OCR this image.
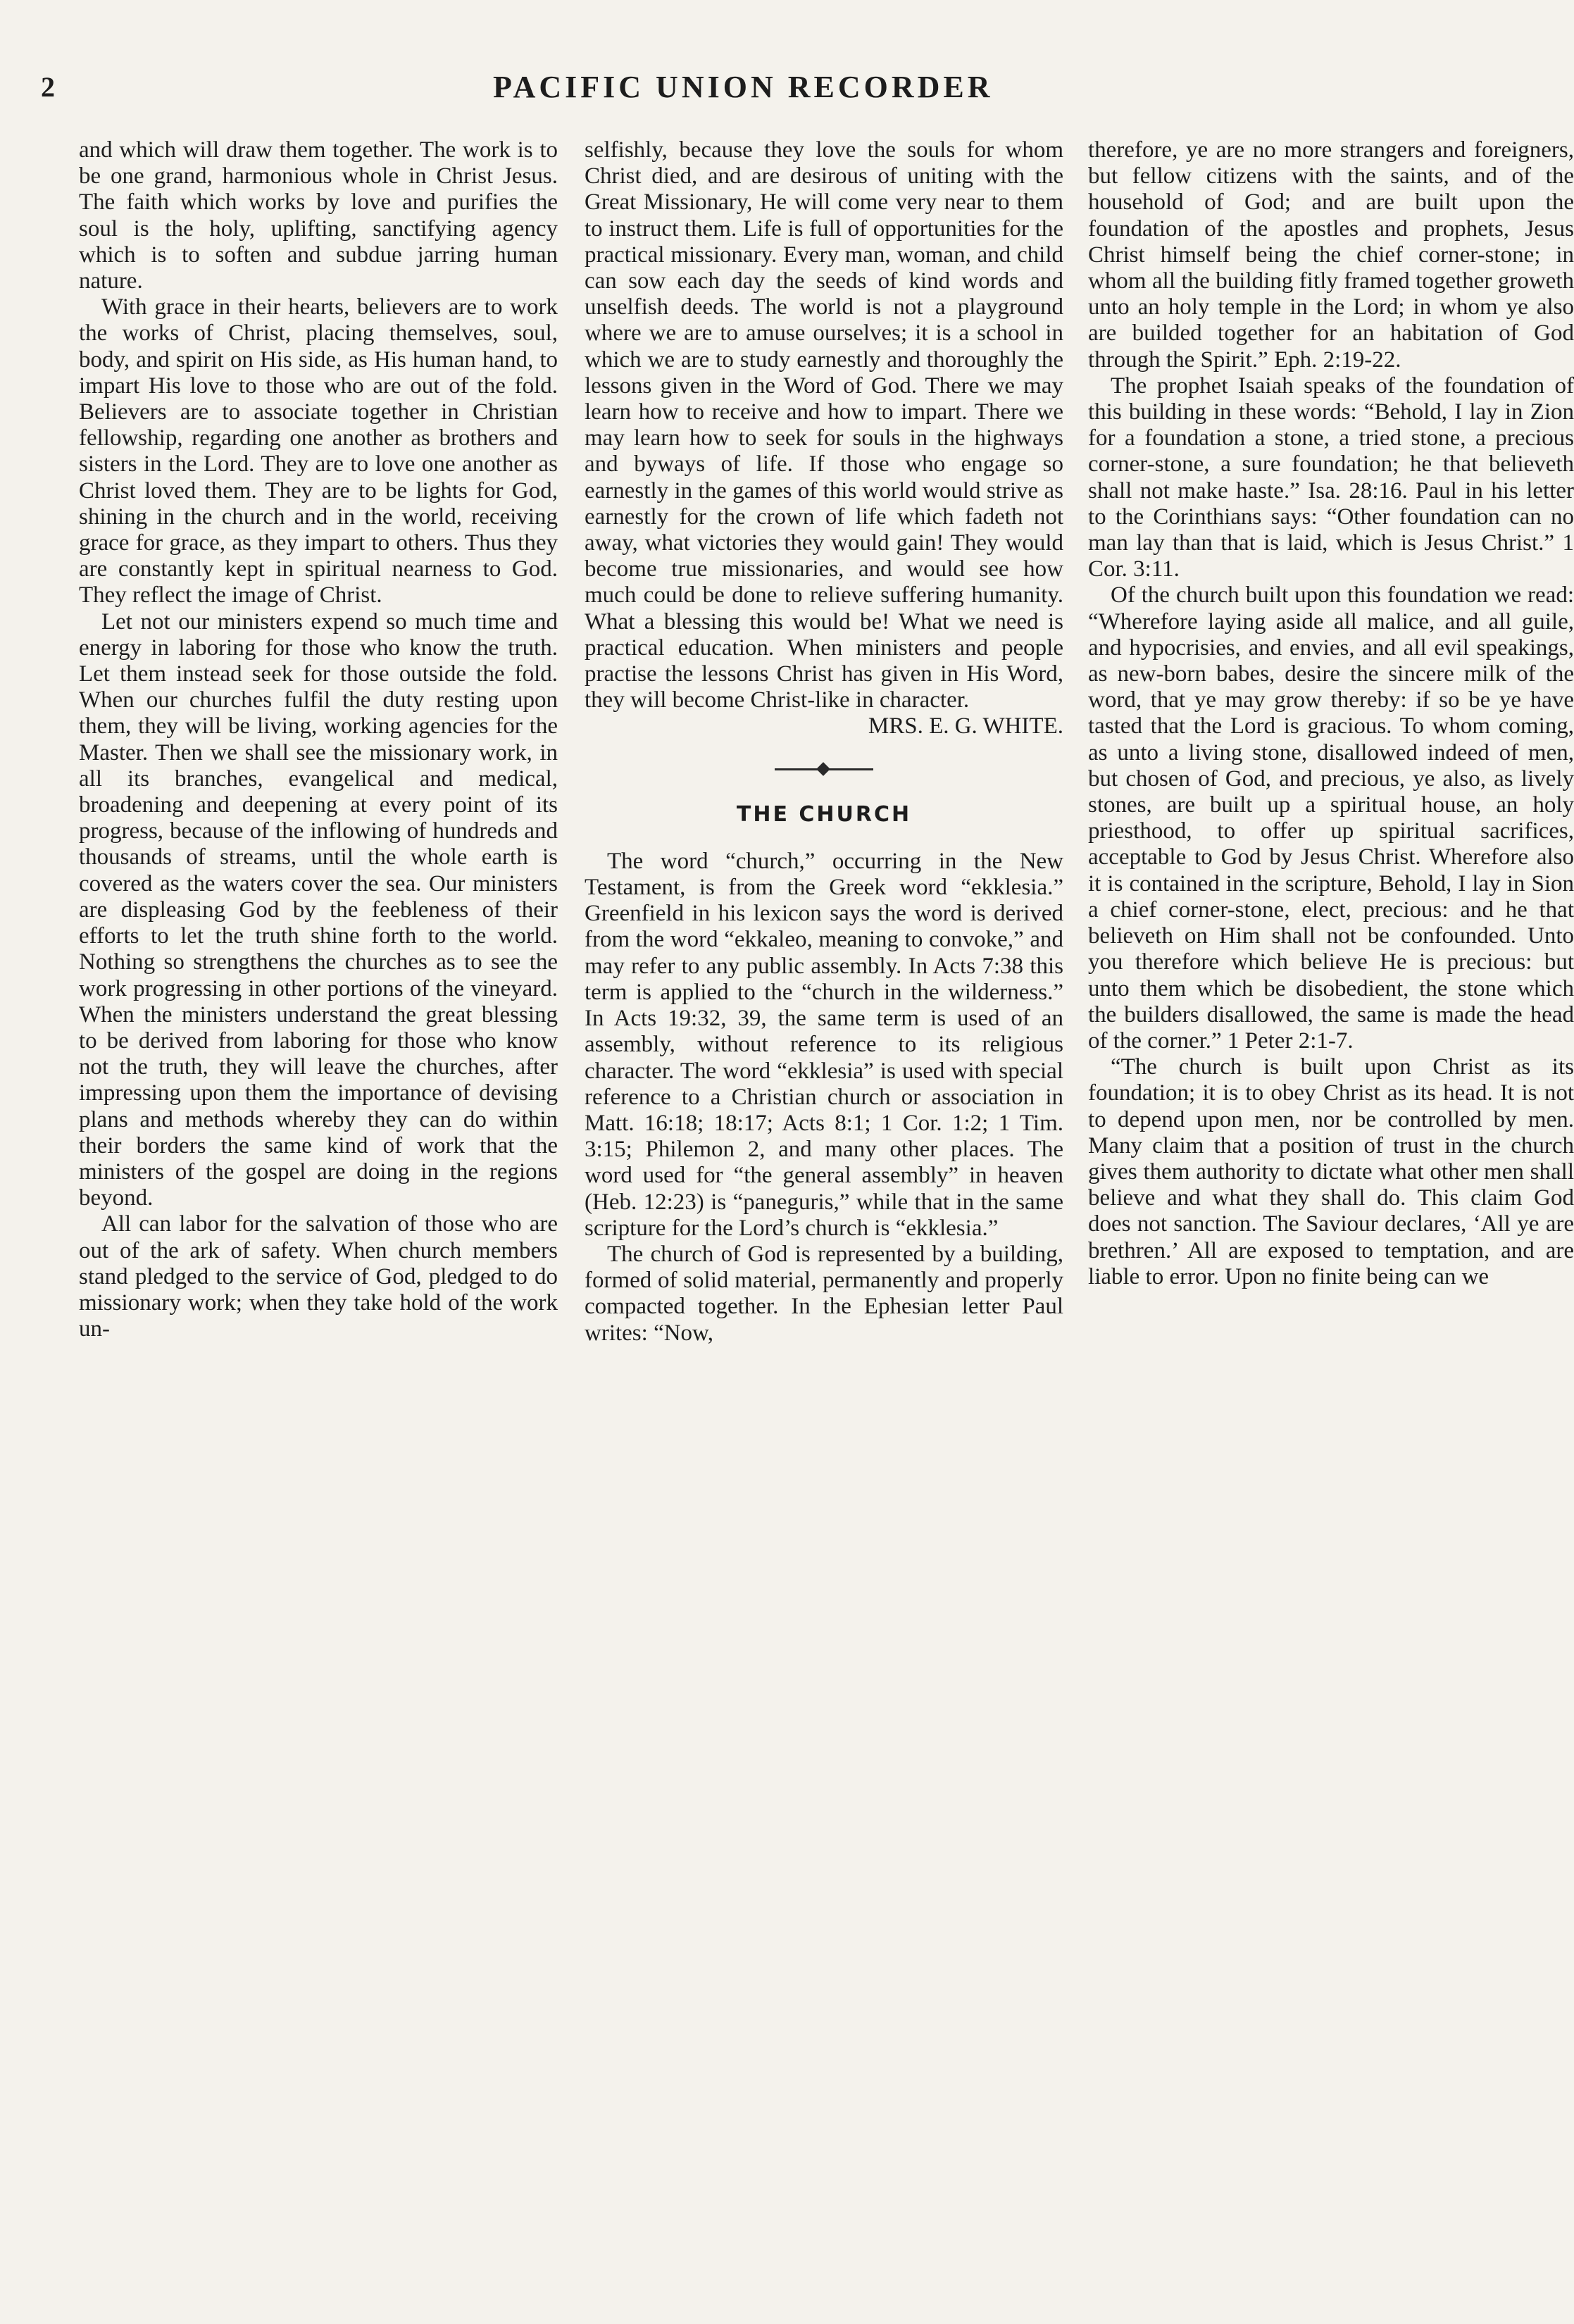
2	PACIFIC UNION RECORDER

and which will draw them together. The work is to be one grand, harmonious whole in Christ Jesus. The faith which works by love and purifies the soul is the holy, uplifting, sanctifying agency which is to soften and subdue jarring human nature.

With grace in their hearts, believers are to work the works of Christ, placing themselves, soul, body, and spirit on His side, as His human hand, to impart His love to those who are out of the fold. Believers are to associate together in Christian fellowship, regarding one another as brothers and sisters in the Lord. They are to love one another as Christ loved them. They are to be lights for God, shining in the church and in the world, receiving grace for grace, as they impart to others. Thus they are constantly kept in spiritual nearness to God. They reflect the image of Christ.

Let not our ministers expend so much time and energy in laboring for those who know the truth. Let them instead seek for those outside the fold. When our churches fulfil the duty resting upon them, they will be living, working agencies for the Master. Then we shall see the missionary work, in all its branches, evangelical and medical, broadening and deepening at every point of its progress, because of the inflowing of hundreds and thousands of streams, until the whole earth is covered as the waters cover the sea. Our ministers are displeasing God by the feebleness of their efforts to let the truth shine forth to the world. Nothing so strengthens the churches as to see the work progressing in other portions of the vineyard. When the ministers understand the great blessing to be derived from laboring for those who know not the truth, they will leave the churches, after impressing upon them the importance of devising plans and methods whereby they can do within their borders the same kind of work that the ministers of the gospel are doing in the regions beyond.

All can labor for the salvation of those who are out of the ark of safety. When church members stand pledged to the service of God, pledged to do missionary work; when they take hold of the work un-

selfishly, because they love the souls for whom Christ died, and are desirous of uniting with the Great Missionary, He will come very near to them to instruct them. Life is full of opportunities for the practical missionary. Every man, woman, and child can sow each day the seeds of kind words and unselfish deeds. The world is not a playground where we are to amuse ourselves; it is a school in which we are to study earnestly and thoroughly the lessons given in the Word of God. There we may learn how to receive and how to impart. There we may learn how to seek for souls in the highways and byways of life. If those who engage so earnestly in the games of this world would strive as earnestly for the crown of life which fadeth not away, what victories they would gain! They would become true missionaries, and would see how much could be done to relieve suffering humanity. What a blessing this would be! What we need is practical education. When ministers and people practise the lessons Christ has given in His Word, they will become Christ-like in character.

MRS. E. G. WHITE.

THE CHURCH

The word “church,” occurring in the New Testament, is from the Greek word “ekklesia.” Greenfield in his lexicon says the word is derived from the word “ekkaleo, meaning to convoke,” and may refer to any public assembly. In Acts 7:38 this term is applied to the “church in the wilderness.” In Acts 19:32, 39, the same term is used of an assembly, without reference to its religious character. The word “ekklesia” is used with special reference to a Christian church or association in Matt. 16:18; 18:17; Acts 8:1; 1 Cor. 1:2; 1 Tim. 3:15; Philemon 2, and many other places. The word used for “the general assembly” in heaven (Heb. 12:23) is “paneguris,” while that in the same scripture for the Lord’s church is “ekklesia.”

The church of God is represented by a building, formed of solid material, permanently and properly compacted together. In the Ephesian letter Paul writes: “Now,

therefore, ye are no more strangers and foreigners, but fellow citizens with the saints, and of the household of God; and are built upon the foundation of the apostles and prophets, Jesus Christ himself being the chief corner-stone; in whom all the building fitly framed together groweth unto an holy temple in the Lord; in whom ye also are builded together for an habitation of God through the Spirit.” Eph. 2:19-22.

The prophet Isaiah speaks of the foundation of this building in these words: “Behold, I lay in Zion for a foundation a stone, a tried stone, a precious corner-stone, a sure foundation; he that believeth shall not make haste.” Isa. 28:16. Paul in his letter to the Corinthians says: “Other foundation can no man lay than that is laid, which is Jesus Christ.” 1 Cor. 3:11.

Of the church built upon this foundation we read: “Wherefore laying aside all malice, and all guile, and hypocrisies, and envies, and all evil speakings, as new-born babes, desire the sincere milk of the word, that ye may grow thereby: if so be ye have tasted that the Lord is gracious. To whom coming, as unto a living stone, disallowed indeed of men, but chosen of God, and precious, ye also, as lively stones, are built up a spiritual house, an holy priesthood, to offer up spiritual sacrifices, acceptable to God by Jesus Christ. Wherefore also it is contained in the scripture, Behold, I lay in Sion a chief corner-stone, elect, precious: and he that believeth on Him shall not be confounded. Unto you therefore which believe He is precious: but unto them which be disobedient, the stone which the builders disallowed, the same is made the head of the corner.” 1 Peter 2:1-7.

“The church is built upon Christ as its foundation; it is to obey Christ as its head. It is not to depend upon men, nor be controlled by men. Many claim that a position of trust in the church gives them authority to dictate what other men shall believe and what they shall do. This claim God does not sanction. The Saviour declares, ‘All ye are brethren.’ All are exposed to temptation, and are liable to error. Upon no finite being can we
